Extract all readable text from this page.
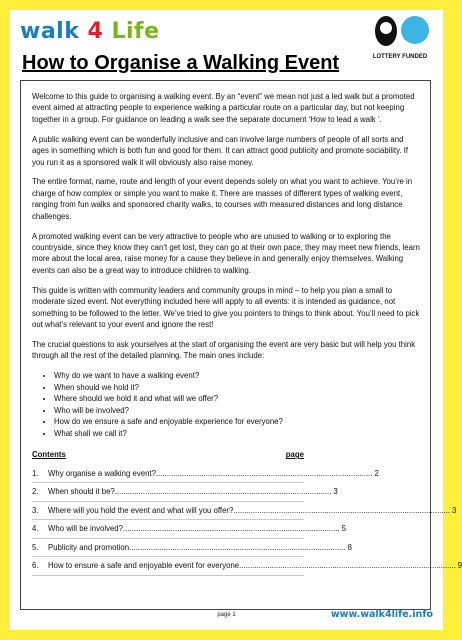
walk 4 Life
How to Organise a Walking Event	LOTTERY FUNDED

Welcome to this guide to organising a walking event. By an “event” we mean not just a led walk but a promoted event aimed at attracting people to experience walking a particular route on a particular day, but not keeping together in a group. For guidance on leading a walk see the separate document ‘How to lead a walk ’.

A public walking event can be wonderfully inclusive and can involve large numbers of people of all sorts and ages in something which is both fun and good for them. It can attract good publicity and promote sociability. If you run it as a sponsored walk it will obviously also raise money.

The entire format, name, route and length of your event depends solely on what you want to achieve. You’re in charge of how complex or simple you want to make it. There are masses of different types of walking event, ranging from fun walks and sponsored charity walks, to courses with measured distances and long distance challenges.

A promoted walking event can be very attractive to people who are unused to walking or to exploring the countryside, since they know they can’t get lost, they can go at their own pace, they may meet new friends, learn more about the local area, raise money for a cause they believe in and generally enjoy themselves. Walking events can also be a great way to introduce children to walking.

This guide is written with community leaders and community groups in mind – to help you plan a small to moderate sized event. Not everything included here will apply to all events: it is intended as guidance, not something to be followed to the letter. We’ve tried to give you pointers to things to think about. You’ll need to pick out what’s relevant to your event and ignore the rest!

The crucial questions to ask yourselves at the start of organising the event are very basic but will help you think through all the rest of the detailed planning. The main ones include:

• Why do we want to have a walking event?
• When should we hold it?
• Where should we hold it and what will we offer?
• Who will be involved?
• How do we ensure a safe and enjoyable experience for everyone?
• What shall we call it?
Contents	page
1.	Why organise a walking event? .................................................................................................... 2
2.	When should it be? .................................................................................................... 3
3.	Where will you hold the event and what will you offer? .................................................................................................... 3
4.	Who will be involved? .................................................................................................... 5
5.	Publicity and promotion .................................................................................................... 8
6.	How to ensure a safe and enjoyable event for everyone .................................................................................................... 9
page 1	www.walk4life.info
